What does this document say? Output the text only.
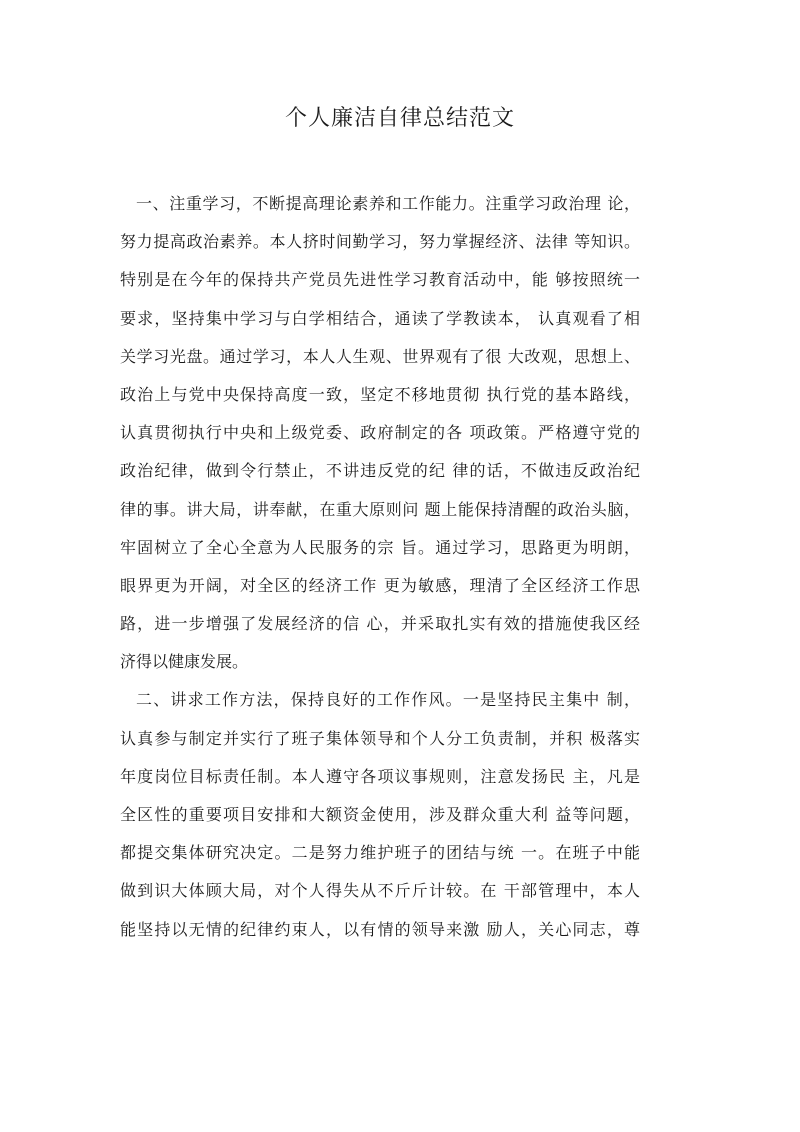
个人廉洁自律总结范文
一、注重学习，不断提高理论素养和工作能力。注重学习政治理 论，
努力提高政治素养。本人挤时间勤学习，努力掌握经济、法律 等知识。
特别是在今年的保持共产党员先进性学习教育活动中，能 够按照统一
要求，坚持集中学习与白学相结合，通读了学教读本， 认真观看了相
关学习光盘。通过学习，本人人生观、世界观有了很 大改观，思想上、
政治上与党中央保持高度一致，坚定不移地贯彻 执行党的基本路线，
认真贯彻执行中央和上级党委、政府制定的各 项政策。严格遵守党的
政治纪律，做到令行禁止，不讲违反党的纪 律的话，不做违反政治纪
律的事。讲大局，讲奉献，在重大原则问 题上能保持清醒的政治头脑，
牢固树立了全心全意为人民服务的宗 旨。通过学习，思路更为明朗，
眼界更为开阔，对全区的经济工作 更为敏感，理清了全区经济工作思
路，进一步增强了发展经济的信 心，并采取扎实有效的措施使我区经
济得以健康发展。
二、讲求工作方法，保持良好的工作作风。一是坚持民主集中 制，
认真参与制定并实行了班子集体领导和个人分工负责制，并积 极落实
年度岗位目标责任制。本人遵守各项议事规则，注意发扬民 主，凡是
全区性的重要项目安排和大额资金使用，涉及群众重大利 益等问题，
都提交集体研究决定。二是努力维护班子的团结与统 一。在班子中能
做到识大体顾大局，对个人得失从不斤斤计较。在 干部管理中，本人
能坚持以无情的纪律约束人，以有情的领导来激 励人，关心同志，尊
